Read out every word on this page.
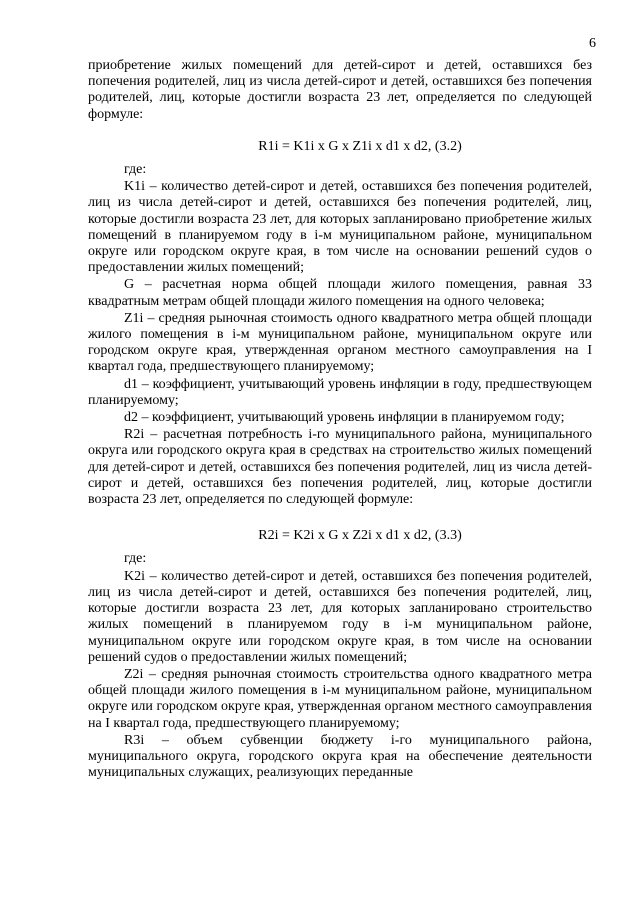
6

приобретение жилых помещений для детей-сирот и детей, оставшихся без попечения родителей, лиц из числа детей-сирот и детей, оставшихся без попечения родителей, лиц, которые достигли возраста 23 лет, определяется по следующей формуле:

R1i = K1i x G x Z1i x d1 x d2, (3.2)

где:

K1i – количество детей-сирот и детей, оставшихся без попечения родителей, лиц из числа детей-сирот и детей, оставшихся без попечения родителей, лиц, которые достигли возраста 23 лет, для которых запланировано приобретение жилых помещений в планируемом году в i-м муниципальном районе, муниципальном округе или городском округе края, в том числе на основании решений судов о предоставлении жилых помещений;

G – расчетная норма общей площади жилого помещения, равная 33 квадратным метрам общей площади жилого помещения на одного человека;

Z1i – средняя рыночная стоимость одного квадратного метра общей площади жилого помещения в i-м муниципальном районе, муниципальном округе или городском округе края, утвержденная органом местного самоуправления на I квартал года, предшествующего планируемому;

d1 – коэффициент, учитывающий уровень инфляции в году, предшествующем планируемому;

d2 – коэффициент, учитывающий уровень инфляции в планируемом году;

R2i – расчетная потребность i-го муниципального района, муниципального округа или городского округа края в средствах на строительство жилых помещений для детей-сирот и детей, оставшихся без попечения родителей, лиц из числа детей-сирот и детей, оставшихся без попечения родителей, лиц, которые достигли возраста 23 лет, определяется по следующей формуле:

R2i = K2i x G x Z2i x d1 x d2, (3.3)

где:

K2i – количество детей-сирот и детей, оставшихся без попечения родителей, лиц из числа детей-сирот и детей, оставшихся без попечения родителей, лиц, которые достигли возраста 23 лет, для которых запланировано строительство жилых помещений в планируемом году в i-м муниципальном районе, муниципальном округе или городском округе края, в том числе на основании решений судов о предоставлении жилых помещений;

Z2i – средняя рыночная стоимость строительства одного квадратного метра общей площади жилого помещения в i-м муниципальном районе, муниципальном округе или городском округе края, утвержденная органом местного самоуправления на I квартал года, предшествующего планируемому;

R3i – объем субвенции бюджету i-го муниципального района, муниципального округа, городского округа края на обеспечение деятельности муниципальных служащих, реализующих переданные
